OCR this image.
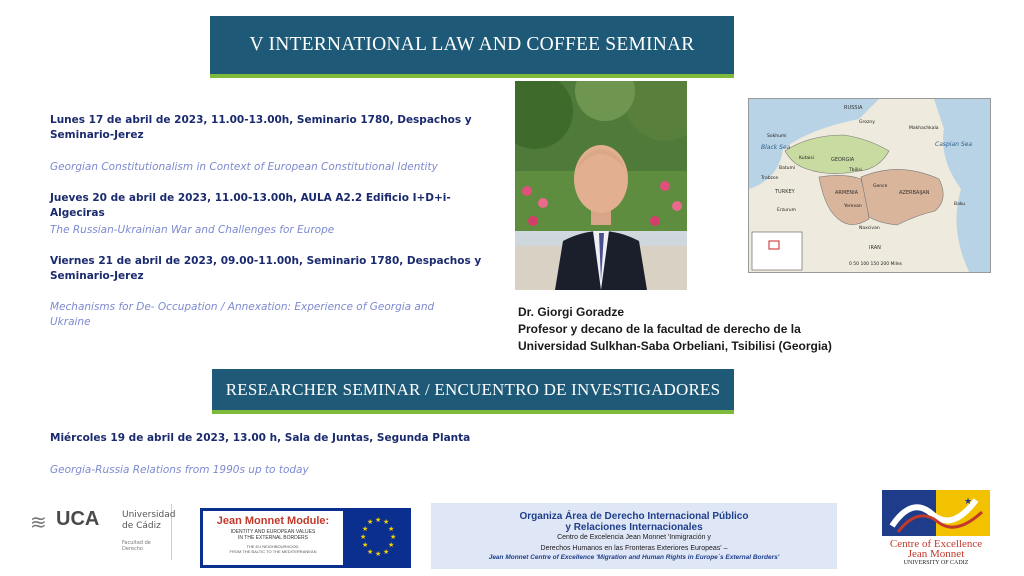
V INTERNATIONAL LAW AND COFFEE SEMINAR
Lunes 17 de abril de 2023, 11.00-13.00h, Seminario 1780, Despachos y Seminario-Jerez
Georgian Constitutionalism in Context of European Constitutional Identity
Jueves 20 de abril de 2023, 11.00-13.00h, AULA A2.2 Edificio I+D+i- Algeciras
The Russian-Ukrainian War and Challenges for Europe
Viernes 21 de abril de 2023, 09.00-11.00h, Seminario 1780, Despachos y Seminario-Jerez
Mechanisms for De- Occupation / Annexation: Experience of Georgia and Ukraine
RUSSIA
Black Sea	Caspian Sea
GEORGIA
ARMENIA	AZERBAIJAN
TURKEY
IRAN
Sokhumi
Kutaisi
Batumi	Tbilisi
Yerevan	Baku
Gence
Naxcivan
Trabzon
Erzurum
Grozny
Makhachkala
0 50 100 150 200 Miles
Dr. Giorgi Goradze
Profesor y decano de la facultad de derecho de la
Universidad Sulkhan-Saba Orbeliani, Tsibilisi (Georgia)
RESEARCHER SEMINAR / ENCUENTRO DE INVESTIGADORES
Miércoles 19 de abril de 2023, 13.00 h, Sala de Juntas, Segunda Planta
Georgia-Russia Relations from 1990s up to today
≋ UCA	Universidad
de Cádiz
Facultad de Derecho
Jean Monnet Module:
IDENTITY AND EUROPEAN VALUES
IN THE EXTERNAL BORDERS
THE EU NEIGHBOURHOOD,
FROM THE BALTIC TO THE MEDITERRANEAN
★ ★
★
★
★
★
★
★
★
★
★
★	Organiza Área de Derecho Internacional Público
y Relaciones Internacionales
Centro de Excelencia Jean Monnet 'Inmigración y
Derechos Humanos en las Fronteras Exteriores Europeas' –
Jean Monnet Centre of Excellence 'Migration and Human Rights in Europe´s External Borders'
★
Centre of Excellence
Jean Monnet
UNIVERSITY OF CADIZ
